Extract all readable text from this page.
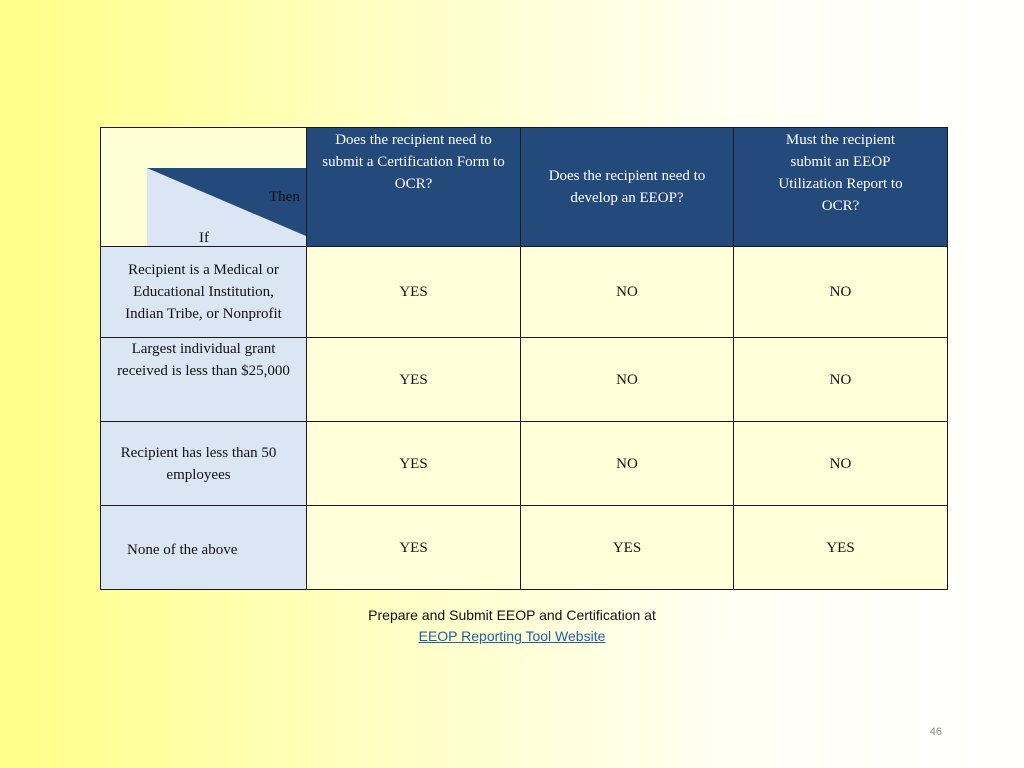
Then
If	Does the recipient need to submit a Certification Form to OCR?	Does the recipient need to develop an EEOP?	Must the recipient submit an EEOP Utilization Report to OCR?

Recipient is a Medical or Educational Institution, Indian Tribe, or Nonprofit	YES	NO	NO

Largest individual grant received is less than $25,000	YES	NO	NO

Recipient has less than 50 employees	YES	NO	NO

None of the above	YES	YES	YES
Prepare and Submit EEOP and Certification at
EEOP Reporting Tool Website
46
